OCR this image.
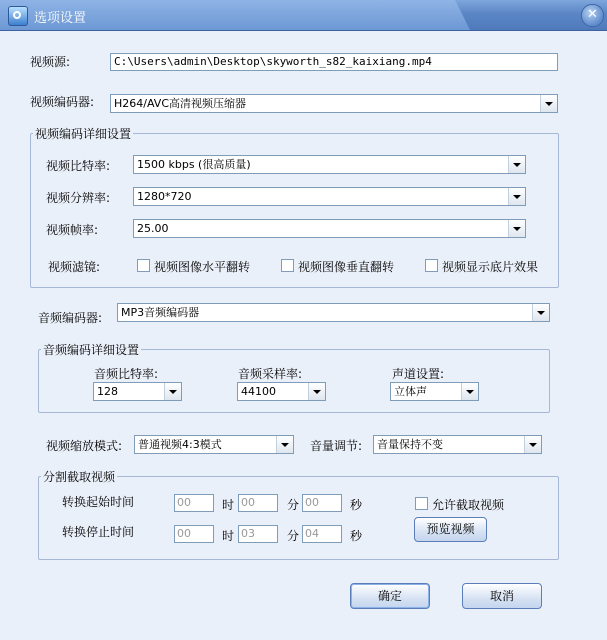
选项设置	✕
视频源:	C:\Users\admin\Desktop\skyworth_s82_kaixiang.mp4
视频编码器:	H264/AVC高清视频压缩器
视频编码详细设置
视频比特率:	1500 kbps (很高质量)
视频分辨率:	1280*720
视频帧率:	25.00
视频滤镜:	视频图像水平翻转	视频图像垂直翻转	视频显示底片效果
音频编码器:	MP3音频编码器
音频编码详细设置
音频比特率:
128
音频采样率:
44100
声道设置:
立体声
视频缩放模式:	普通视频4:3模式	音量调节:	音量保持不变
分割截取视频
转换起始时间	00	时 00	分 00	秒	允许截取视频
转换停止时间	00	时 03	分 04	秒	预览视频
确定	取消
